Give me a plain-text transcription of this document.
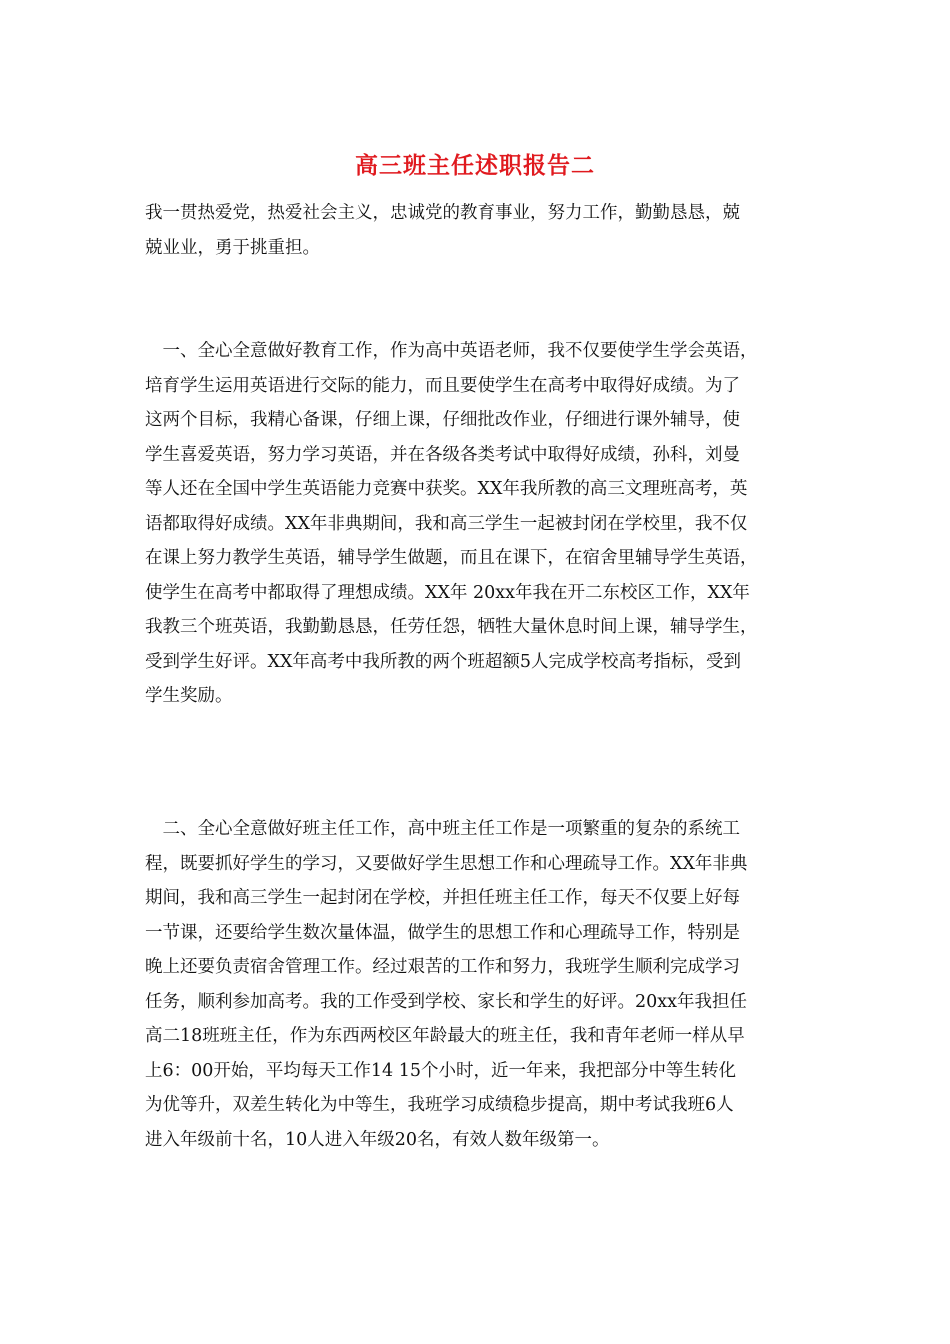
高三班主任述职报告二
我一贯热爱党，热爱社会主义，忠诚党的教育事业，努力工作，勤勤恳恳，兢
兢业业，勇于挑重担。
　一、全心全意做好教育工作，作为高中英语老师，我不仅要使学生学会英语，
培育学生运用英语进行交际的能力，而且要使学生在高考中取得好成绩。为了
这两个目标，我精心备课，仔细上课，仔细批改作业，仔细进行课外辅导，使
学生喜爱英语，努力学习英语，并在各级各类考试中取得好成绩，孙科，刘曼
等人还在全国中学生英语能力竞赛中获奖。XX年我所教的高三文理班高考，英
语都取得好成绩。XX年非典期间，我和高三学生一起被封闭在学校里，我不仅
在课上努力教学生英语，辅导学生做题，而且在课下，在宿舍里辅导学生英语，
使学生在高考中都取得了理想成绩。XX年 20xx年我在开二东校区工作，XX年
我教三个班英语，我勤勤恳恳，任劳任怨，牺牲大量休息时间上课，辅导学生，
受到学生好评。XX年高考中我所教的两个班超额5人完成学校高考指标，受到
学生奖励。
　二、全心全意做好班主任工作，高中班主任工作是一项繁重的复杂的系统工
程，既要抓好学生的学习，又要做好学生思想工作和心理疏导工作。XX年非典
期间，我和高三学生一起封闭在学校，并担任班主任工作，每天不仅要上好每
一节课，还要给学生数次量体温，做学生的思想工作和心理疏导工作，特别是
晚上还要负责宿舍管理工作。经过艰苦的工作和努力，我班学生顺利完成学习
任务，顺利参加高考。我的工作受到学校、家长和学生的好评。20xx年我担任
高二18班班主任，作为东西两校区年龄最大的班主任，我和青年老师一样从早
上6：00开始，平均每天工作14 15个小时，近一年来，我把部分中等生转化
为优等升，双差生转化为中等生，我班学习成绩稳步提高，期中考试我班6人
进入年级前十名，10人进入年级20名，有效人数年级第一。
